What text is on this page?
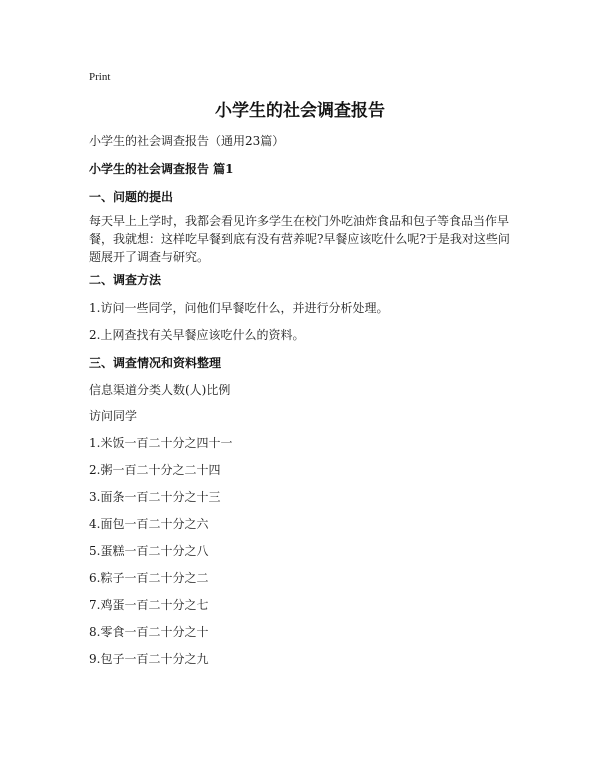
Print
小学生的社会调查报告
小学生的社会调查报告（通用23篇）
小学生的社会调查报告 篇1
一、问题的提出
每天早上上学时，我都会看见许多学生在校门外吃油炸食品和包子等食品当作早餐，我就想：这样吃早餐到底有没有营养呢?早餐应该吃什么呢?于是我对这些问题展开了调查与研究。
二、调查方法
1.访问一些同学，问他们早餐吃什么，并进行分析处理。
2.上网查找有关早餐应该吃什么的资料。
三、调查情况和资料整理
信息渠道分类人数(人)比例
访问同学
1.米饭一百二十分之四十一
2.粥一百二十分之二十四
3.面条一百二十分之十三
4.面包一百二十分之六
5.蛋糕一百二十分之八
6.粽子一百二十分之二
7.鸡蛋一百二十分之七
8.零食一百二十分之十
9.包子一百二十分之九
